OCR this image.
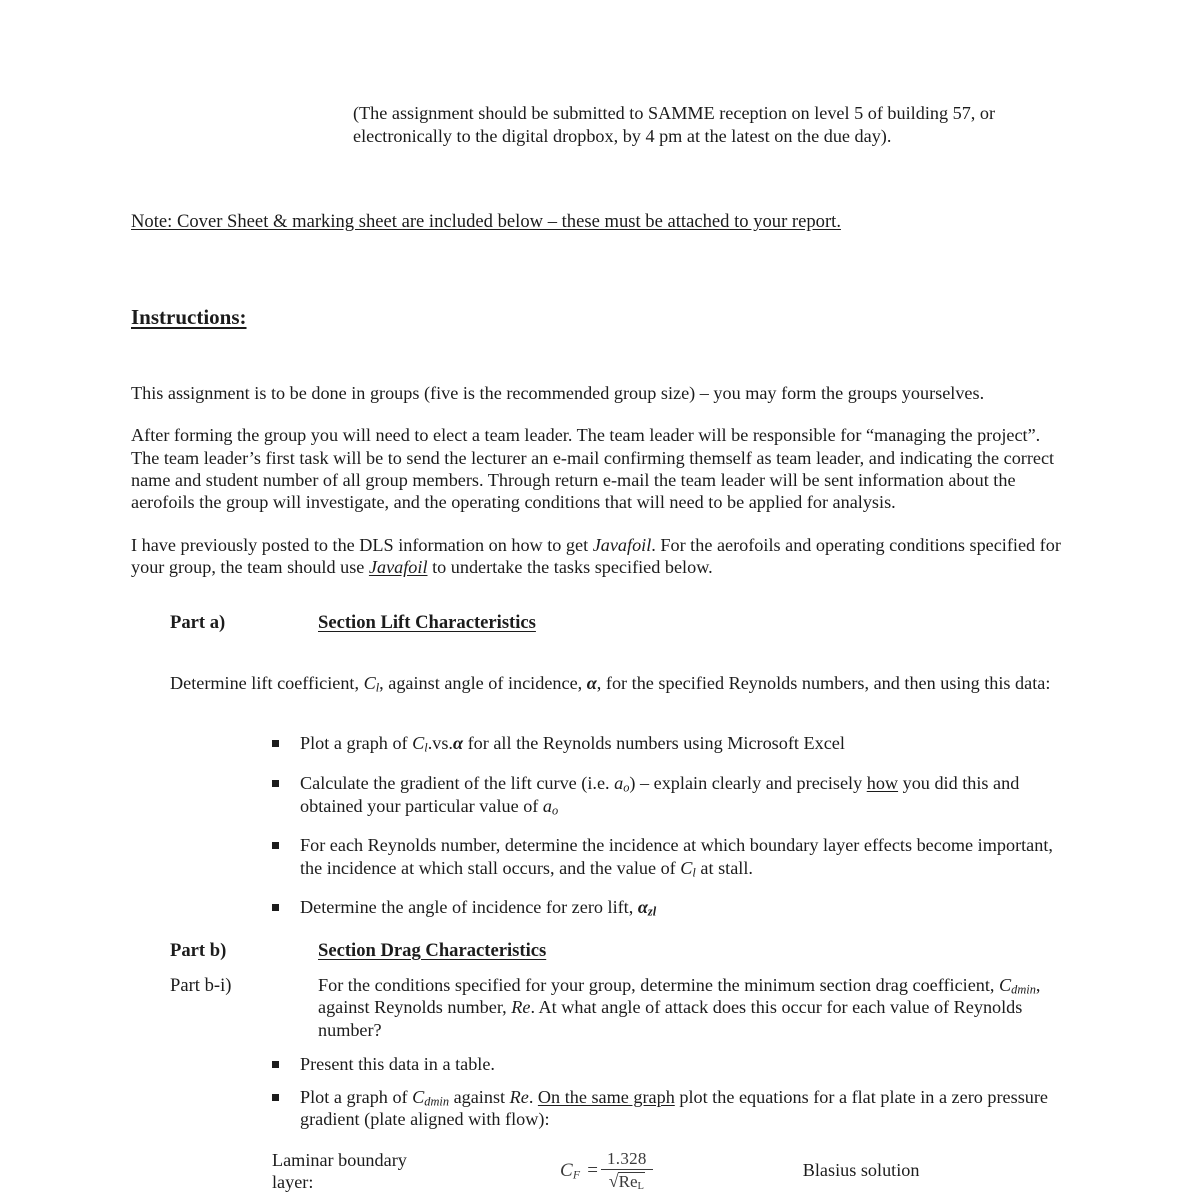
(The assignment should be submitted to SAMME reception on level 5 of building 57, or electronically to the digital dropbox, by 4 pm at the latest on the due day).

Note: Cover Sheet & marking sheet are included below – these must be attached to your report.

Instructions:

This assignment is to be done in groups (five is the recommended group size) – you may form the groups yourselves.

After forming the group you will need to elect a team leader. The team leader will be responsible for “managing the project”. The team leader’s first task will be to send the lecturer an e-mail confirming themself as team leader, and indicating the correct name and student number of all group members. Through return e-mail the team leader will be sent information about the aerofoils the group will investigate, and the operating conditions that will need to be applied for analysis.

I have previously posted to the DLS information on how to get Javafoil. For the aerofoils and operating conditions specified for your group, the team should use Javafoil to undertake the tasks specified below.

Part a)	Section Lift Characteristics

Determine lift coefficient, $C_l$, against angle of incidence, α, for the specified Reynolds numbers, and then using this data:

Plot a graph of $C_l.vs.\alpha$ for all the Reynolds numbers using Microsoft Excel
Calculate the gradient of the lift curve (i.e. $a_o$) – explain clearly and precisely how you did this and obtained your particular value of $a_o$
For each Reynolds number, determine the incidence at which boundary layer effects become important, the incidence at which stall occurs, and the value of $C_l$ at stall.
Determine the angle of incidence for zero lift, $\alpha_{zl}$
Part b)	Section Drag Characteristics
Part b-i)	For the conditions specified for your group, determine the minimum section drag coefficient, $C_{dmin}$, against Reynolds number, Re. At what angle of attack does this occur for each value of Reynolds number?
Present this data in a table.
Plot a graph of $C_{dmin}$ against Re. On the same graph plot the equations for a flat plate in a zero pressure gradient (plate aligned with flow):
Laminar boundary layer:
$C_F = \frac{1.328}{√ Re_L}$	Blasius solution
